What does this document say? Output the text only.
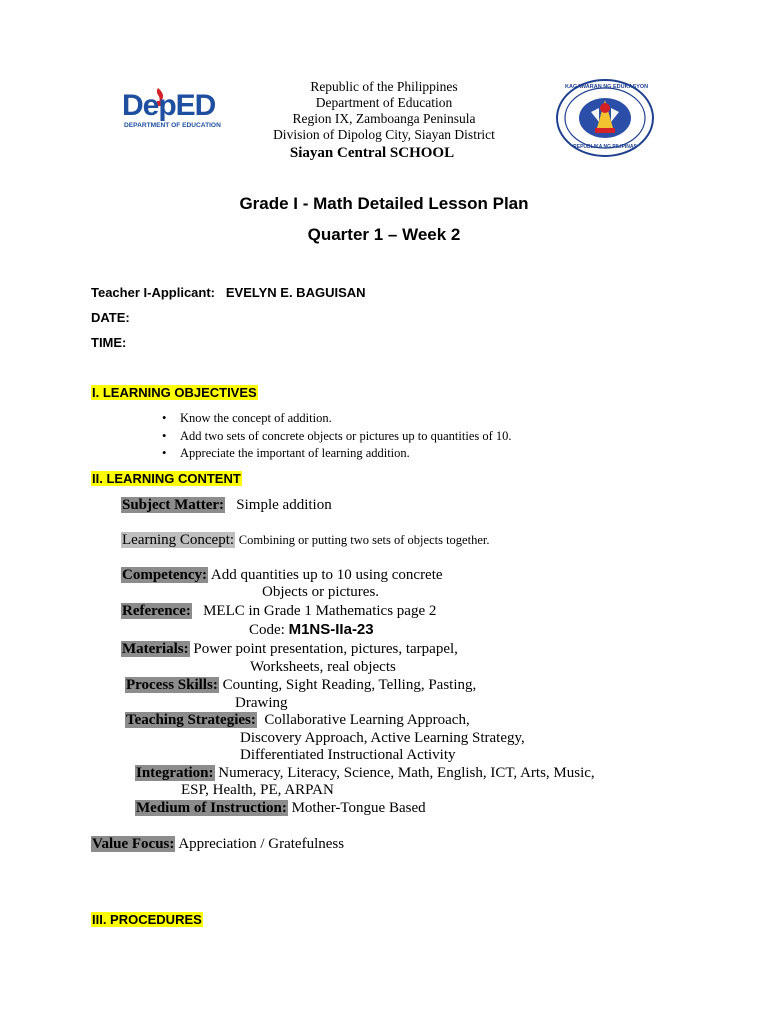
DepED
DEPARTMENT OF EDUCATION
Republic of the Philippines
Department of Education
Region IX, Zamboanga Peninsula
Division of Dipolog City, Siayan District
Siayan Central SCHOOL
KAGAWARAN NG EDUKASYON
REPUBLIKA NG PILIPINAS
Grade I - Math Detailed Lesson Plan
Quarter 1 – Week 2
Teacher I-Applicant: EVELYN E. BAGUISAN
DATE:
TIME:
I. LEARNING OBJECTIVES
• Know the concept of addition.
• Add two sets of concrete objects or pictures up to quantities of 10.
• Appreciate the important of learning addition.
II. LEARNING CONTENT
Subject Matter: Simple addition
Learning Concept: Combining or putting two sets of objects together.
Competency: Add quantities up to 10 using concrete
Objects or pictures.
Reference: MELC in Grade 1 Mathematics page 2
Code: M1NS-IIa-23
Materials: Power point presentation, pictures, tarpapel,
Worksheets, real objects
Process Skills: Counting, Sight Reading, Telling, Pasting,
Drawing
Teaching Strategies: Collaborative Learning Approach,
Discovery Approach, Active Learning Strategy,
Differentiated Instructional Activity
Integration: Numeracy, Literacy, Science, Math, English, ICT, Arts, Music,
ESP, Health, PE, ARPAN
Medium of Instruction: Mother-Tongue Based
Value Focus: Appreciation / Gratefulness
III. PROCEDURES
